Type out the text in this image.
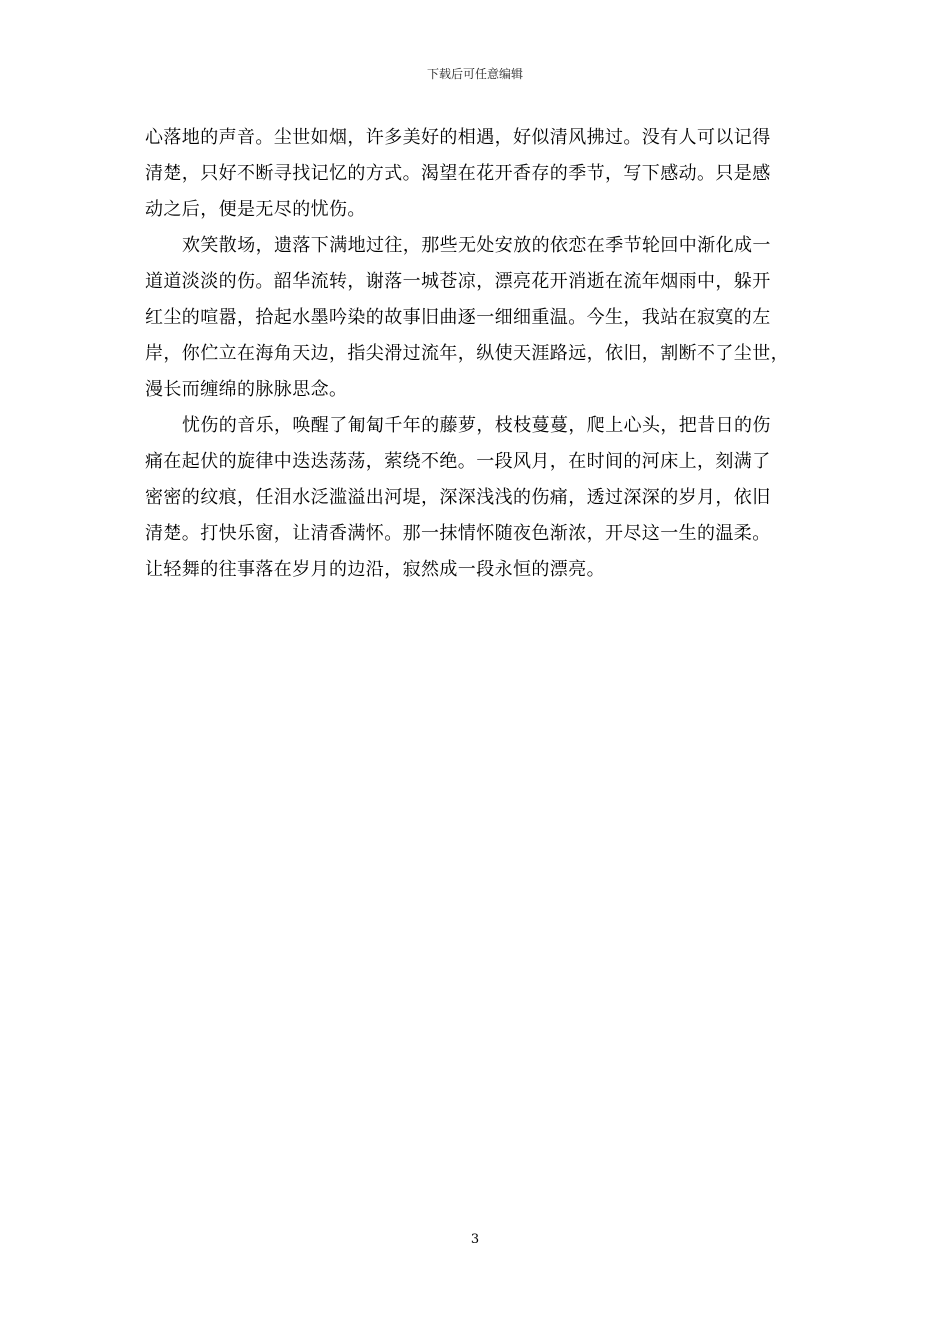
下载后可任意编辑

心落地的声音。尘世如烟，许多美好的相遇，好似清风拂过。没有人可以记得
清楚，只好不断寻找记忆的方式。渴望在花开香存的季节，写下感动。只是感
动之后，便是无尽的忧伤。

欢笑散场，遗落下满地过往，那些无处安放的依恋在季节轮回中渐化成一
道道淡淡的伤。韶华流转，谢落一城苍凉，漂亮花开消逝在流年烟雨中，躲开
红尘的喧嚣，拾起水墨吟染的故事旧曲逐一细细重温。今生，我站在寂寞的左
岸，你伫立在海角天边，指尖滑过流年，纵使天涯路远，依旧，割断不了尘世，
漫长而缠绵的脉脉思念。

忧伤的音乐，唤醒了匍匐千年的藤萝，枝枝蔓蔓，爬上心头，把昔日的伤
痛在起伏的旋律中迭迭荡荡，萦绕不绝。一段风月，在时间的河床上，刻满了
密密的纹痕，任泪水泛滥溢出河堤，深深浅浅的伤痛，透过深深的岁月，依旧
清楚。打快乐窗，让清香满怀。那一抹情怀随夜色渐浓，开尽这一生的温柔。
让轻舞的往事落在岁月的边沿，寂然成一段永恒的漂亮。

3
